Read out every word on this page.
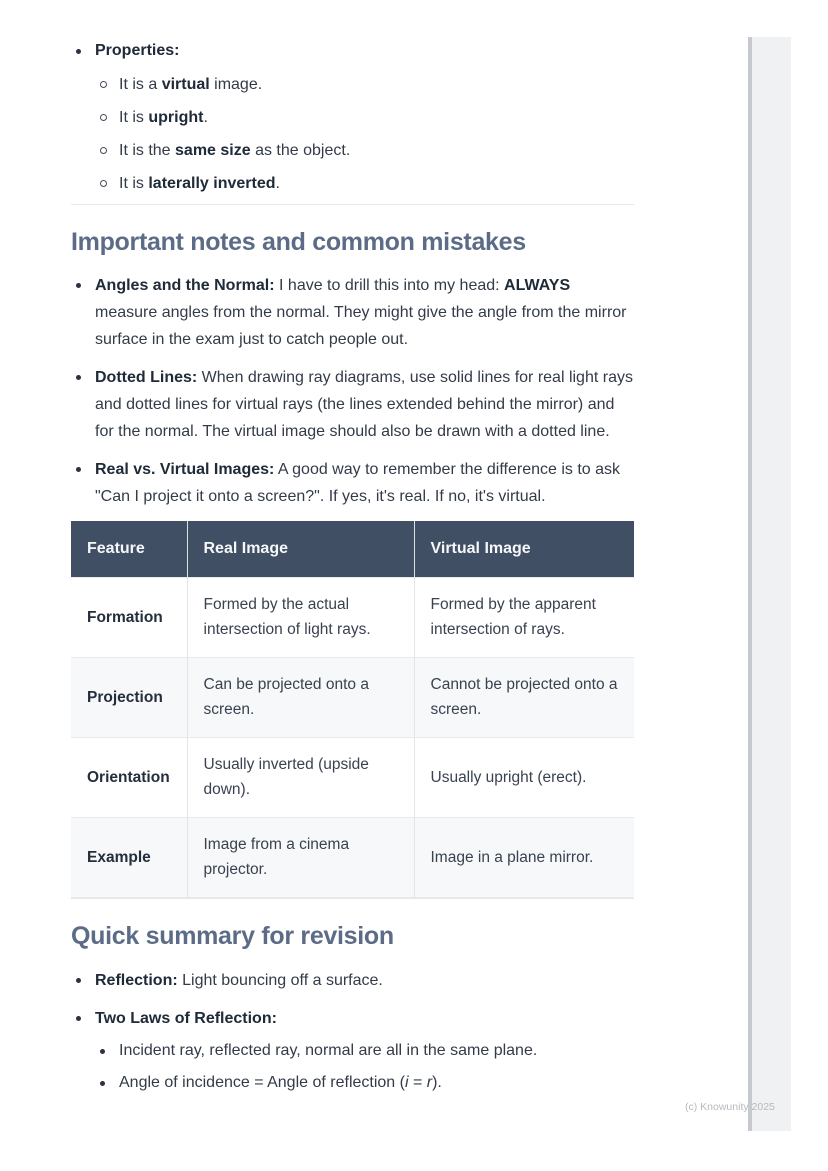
Properties:
It is a virtual image.
It is upright.
It is the same size as the object.
It is laterally inverted.
Important notes and common mistakes
Angles and the Normal: I have to drill this into my head: ALWAYS measure angles from the normal. They might give the angle from the mirror surface in the exam just to catch people out.
Dotted Lines: When drawing ray diagrams, use solid lines for real light rays and dotted lines for virtual rays (the lines extended behind the mirror) and for the normal. The virtual image should also be drawn with a dotted line.
Real vs. Virtual Images: A good way to remember the difference is to ask "Can I project it onto a screen?". If yes, it's real. If no, it's virtual.
Feature	Real Image	Virtual Image
Formation	Formed by the actual intersection of light rays.	Formed by the apparent intersection of rays.
Projection	Can be projected onto a screen.	Cannot be projected onto a screen.
Orientation	Usually inverted (upside down).	Usually upright (erect).
Example	Image from a cinema projector.	Image in a plane mirror.
Quick summary for revision
Reflection: Light bouncing off a surface.
Two Laws of Reflection:
Incident ray, reflected ray, normal are all in the same plane.
Angle of incidence = Angle of reflection (i = r).
(c) Knowunity 2025
